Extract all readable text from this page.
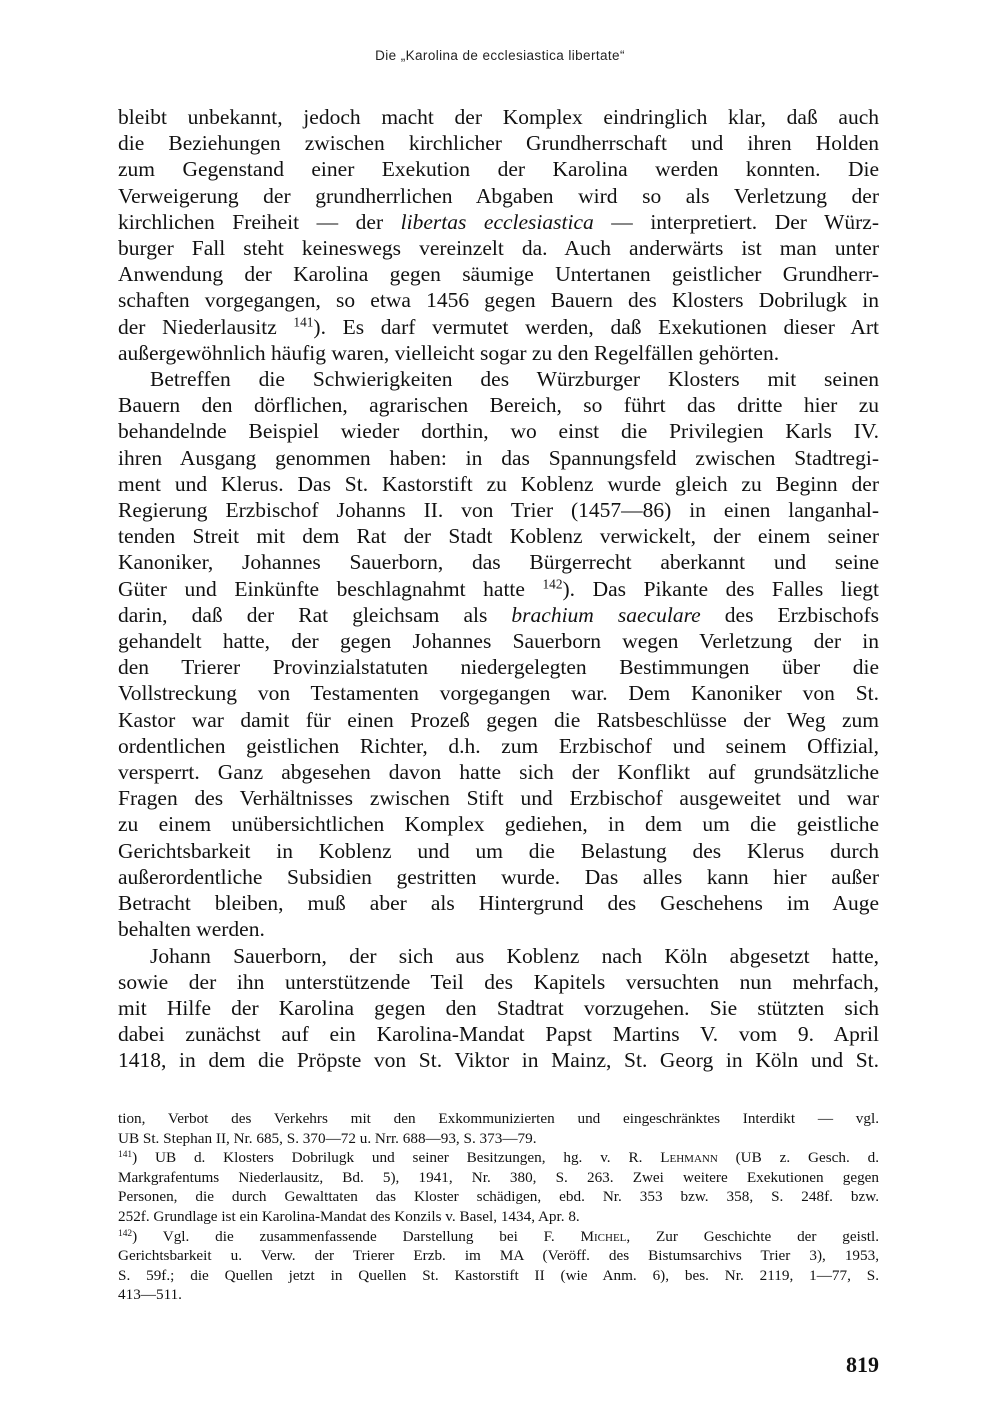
Die „Karolina de ecclesiastica libertate“
bleibt unbekannt, jedoch macht der Komplex eindringlich klar, daß auch
die Beziehungen zwischen kirchlicher Grundherrschaft und ihren Holden
zum Gegenstand einer Exekution der Karolina werden konnten. Die
Verweigerung der grundherrlichen Abgaben wird so als Verletzung der
kirchlichen Freiheit — der libertas ecclesiastica — interpretiert. Der Würz-
burger Fall steht keineswegs vereinzelt da. Auch anderwärts ist man unter
Anwendung der Karolina gegen säumige Untertanen geistlicher Grundherr-
schaften vorgegangen, so etwa 1456 gegen Bauern des Klosters Dobrilugk in
der Niederlausitz $^{141}$). Es darf vermutet werden, daß Exekutionen dieser Art
außergewöhnlich häufig waren, vielleicht sogar zu den Regelfällen gehörten.
Betreffen die Schwierigkeiten des Würzburger Klosters mit seinen
Bauern den dörflichen, agrarischen Bereich, so führt das dritte hier zu
behandelnde Beispiel wieder dorthin, wo einst die Privilegien Karls IV.
ihren Ausgang genommen haben: in das Spannungsfeld zwischen Stadtregi-
ment und Klerus. Das St. Kastorstift zu Koblenz wurde gleich zu Beginn der
Regierung Erzbischof Johanns II. von Trier (1457—86) in einen langanhal-
tenden Streit mit dem Rat der Stadt Koblenz verwickelt, der einem seiner
Kanoniker, Johannes Sauerborn, das Bürgerrecht aberkannt und seine
Güter und Einkünfte beschlagnahmt hatte $^{142}$). Das Pikante des Falles liegt
darin, daß der Rat gleichsam als brachium saeculare des Erzbischofs
gehandelt hatte, der gegen Johannes Sauerborn wegen Verletzung der in
den Trierer Provinzialstatuten niedergelegten Bestimmungen über die
Vollstreckung von Testamenten vorgegangen war. Dem Kanoniker von St.
Kastor war damit für einen Prozeß gegen die Ratsbeschlüsse der Weg zum
ordentlichen geistlichen Richter, d.h. zum Erzbischof und seinem Offizial,
versperrt. Ganz abgesehen davon hatte sich der Konflikt auf grundsätzliche
Fragen des Verhältnisses zwischen Stift und Erzbischof ausgeweitet und war
zu einem unübersichtlichen Komplex gediehen, in dem um die geistliche
Gerichtsbarkeit in Koblenz und um die Belastung des Klerus durch
außerordentliche Subsidien gestritten wurde. Das alles kann hier außer
Betracht bleiben, muß aber als Hintergrund des Geschehens im Auge
behalten werden.
Johann Sauerborn, der sich aus Koblenz nach Köln abgesetzt hatte,
sowie der ihn unterstützende Teil des Kapitels versuchten nun mehrfach,
mit Hilfe der Karolina gegen den Stadtrat vorzugehen. Sie stützten sich
dabei zunächst auf ein Karolina-Mandat Papst Martins V. vom 9. April
1418, in dem die Pröpste von St. Viktor in Mainz, St. Georg in Köln und St.
tion, Verbot des Verkehrs mit den Exkommunizierten und eingeschränktes Interdikt — vgl.
UB St. Stephan II, Nr. 685, S. 370—72 u. Nrr. 688—93, S. 373—79.
$^{141}$) UB d. Klosters Dobrilugk und seiner Besitzungen, hg. v. R. Lehmann (UB z. Gesch. d.
Markgrafentums Niederlausitz, Bd. 5), 1941, Nr. 380, S. 263. Zwei weitere Exekutionen gegen
Personen, die durch Gewalttaten das Kloster schädigen, ebd. Nr. 353 bzw. 358, S. 248f. bzw.
252f. Grundlage ist ein Karolina-Mandat des Konzils v. Basel, 1434, Apr. 8.
$^{142}$) Vgl. die zusammenfassende Darstellung bei F. Michel, Zur Geschichte der geistl.
Gerichtsbarkeit u. Verw. der Trierer Erzb. im MA (Veröff. des Bistumsarchivs Trier 3), 1953,
S. 59f.; die Quellen jetzt in Quellen St. Kastorstift II (wie Anm. 6), bes. Nr. 2119, 1—77, S.
413—511.
819
